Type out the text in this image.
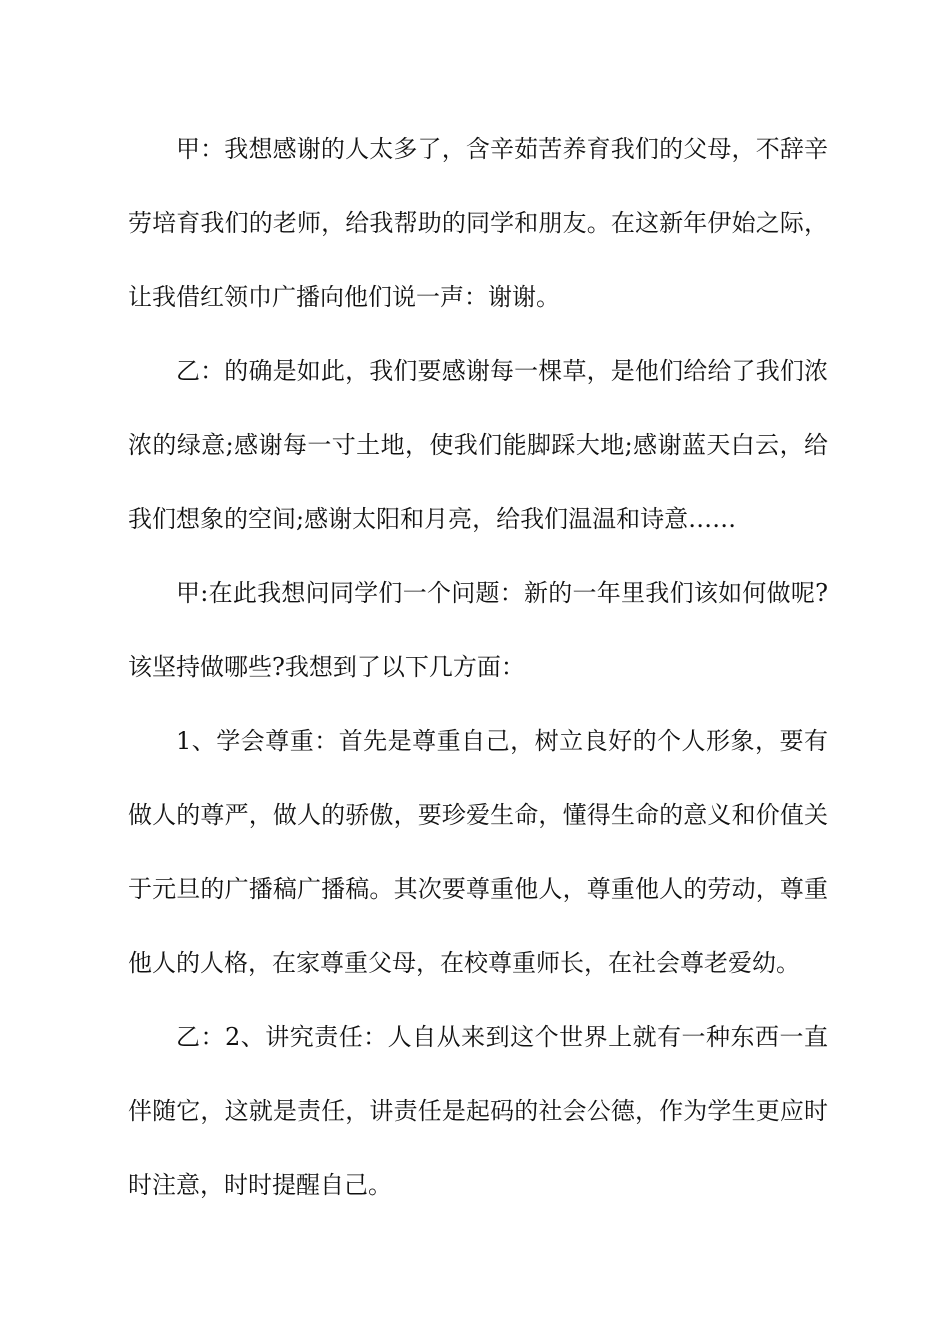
甲：我想感谢的人太多了，含辛茹苦养育我们的父母，不辞辛劳培育我们的老师，给我帮助的同学和朋友。在这新年伊始之际，让我借红领巾广播向他们说一声：谢谢。

乙：的确是如此，我们要感谢每一棵草，是他们给给了我们浓浓的绿意;感谢每一寸土地，使我们能脚踩大地;感谢蓝天白云，给我们想象的空间;感谢太阳和月亮，给我们温温和诗意……

甲:在此我想问同学们一个问题：新的一年里我们该如何做呢?该坚持做哪些?我想到了以下几方面：

1、学会尊重：首先是尊重自己，树立良好的个人形象，要有做人的尊严，做人的骄傲，要珍爱生命，懂得生命的意义和价值关于元旦的广播稿广播稿。其次要尊重他人，尊重他人的劳动，尊重他人的人格，在家尊重父母，在校尊重师长，在社会尊老爱幼。

乙：2、讲究责任：人自从来到这个世界上就有一种东西一直伴随它，这就是责任，讲责任是起码的社会公德，作为学生更应时时注意，时时提醒自己。
